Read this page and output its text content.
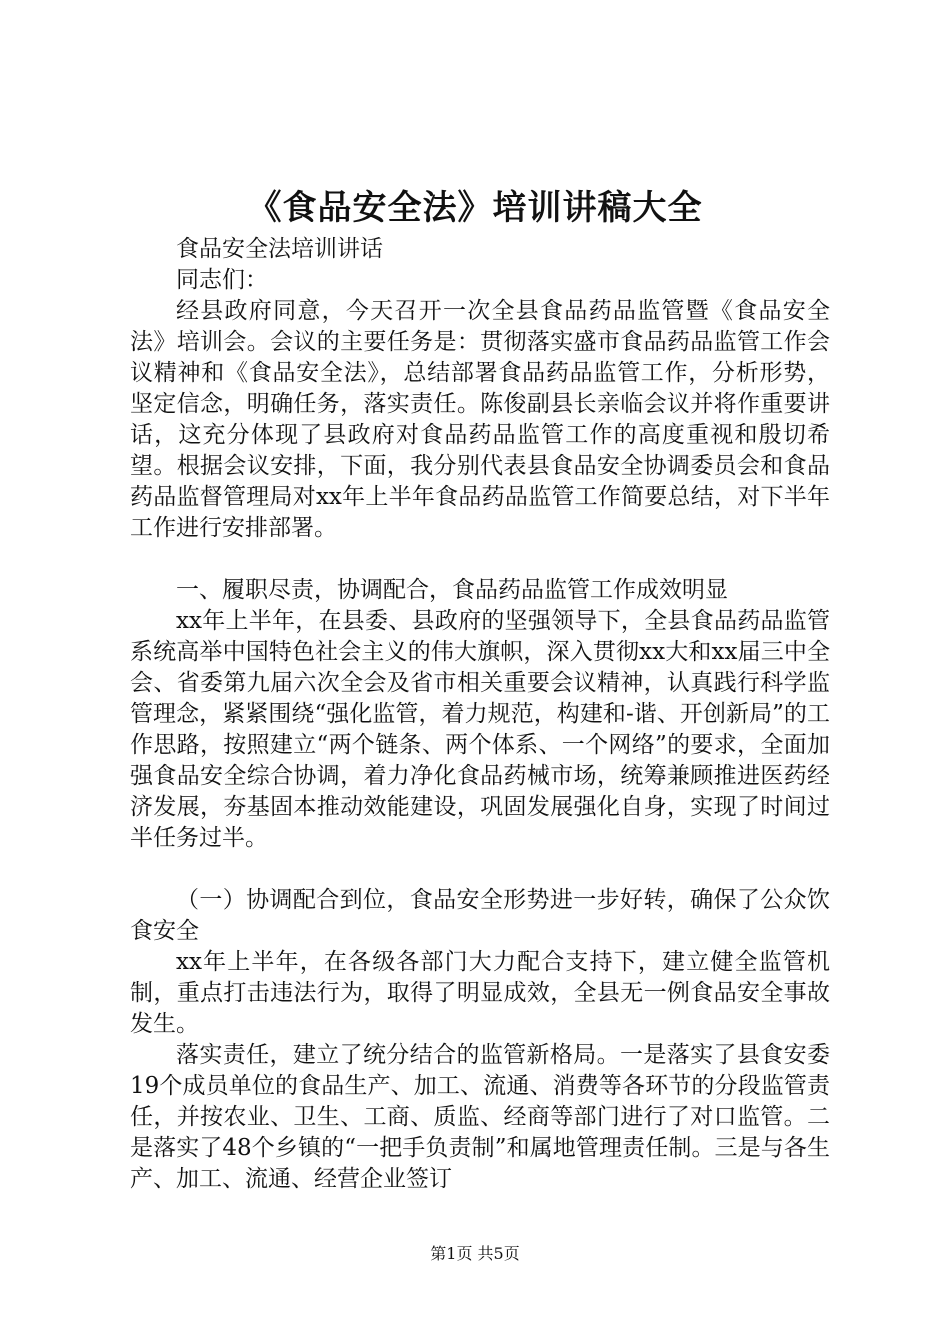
《食品安全法》培训讲稿大全

食品安全法培训讲话

同志们：

经县政府同意，今天召开一次全县食品药品监管暨《食品安全法》培训会。会议的主要任务是：贯彻落实盛市食品药品监管工作会议精神和《食品安全法》，总结部署食品药品监管工作，分析形势，坚定信念，明确任务，落实责任。陈俊副县长亲临会议并将作重要讲话，这充分体现了县政府对食品药品监管工作的高度重视和殷切希望。根据会议安排，下面，我分别代表县食品安全协调委员会和食品药品监督管理局对xx年上半年食品药品监管工作简要总结，对下半年工作进行安排部署。

一、履职尽责，协调配合，食品药品监管工作成效明显

xx年上半年，在县委、县政府的坚强领导下，全县食品药品监管系统高举中国特色社会主义的伟大旗帜，深入贯彻xx大和xx届三中全会、省委第九届六次全会及省市相关重要会议精神，认真践行科学监管理念，紧紧围绕“强化监管，着力规范，构建和-谐、开创新局”的工作思路，按照建立“两个链条、两个体系、一个网络”的要求，全面加强食品安全综合协调，着力净化食品药械市场，统筹兼顾推进医药经济发展，夯基固本推动效能建设，巩固发展强化自身，实现了时间过半任务过半。

（一）协调配合到位，食品安全形势进一步好转，确保了公众饮食安全

xx年上半年，在各级各部门大力配合支持下，建立健全监管机制，重点打击违法行为，取得了明显成效，全县无一例食品安全事故发生。

落实责任，建立了统分结合的监管新格局。一是落实了县食安委19个成员单位的食品生产、加工、流通、消费等各环节的分段监管责任，并按农业、卫生、工商、质监、经商等部门进行了对口监管。二是落实了48个乡镇的“一把手负责制”和属地管理责任制。三是与各生产、加工、流通、经营企业签订

第1页 共5页
